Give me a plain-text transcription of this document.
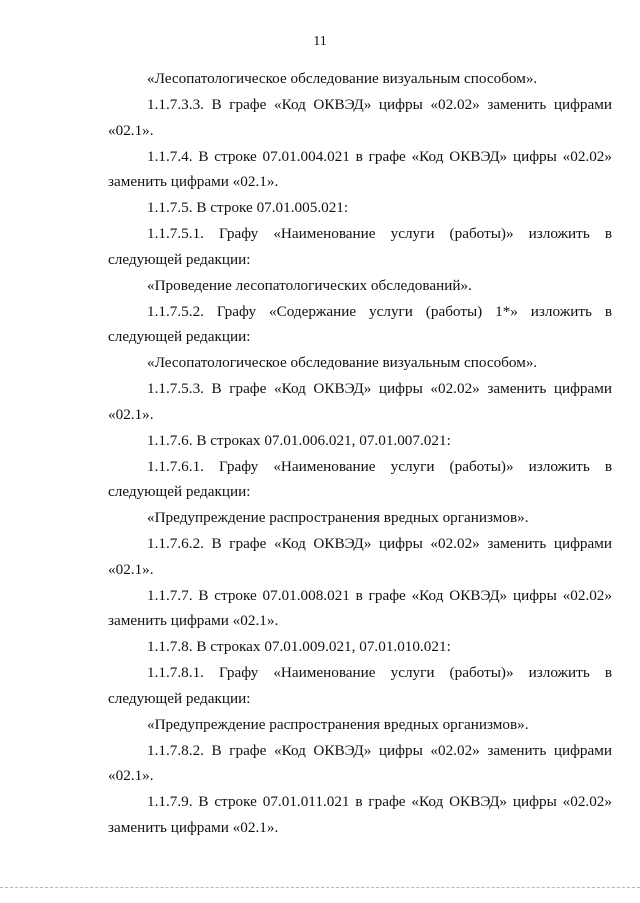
11

«Лесопатологическое обследование визуальным способом».

1.1.7.3.3. В графе «Код ОКВЭД» цифры «02.02» заменить цифрами «02.1».

1.1.7.4. В строке 07.01.004.021 в графе «Код ОКВЭД» цифры «02.02» заменить цифрами «02.1».

1.1.7.5. В строке 07.01.005.021:

1.1.7.5.1. Графу «Наименование услуги (работы)» изложить в следующей редакции:

«Проведение лесопатологических обследований».

1.1.7.5.2. Графу «Содержание услуги (работы) 1*» изложить в следующей редакции:

«Лесопатологическое обследование визуальным способом».

1.1.7.5.3. В графе «Код ОКВЭД» цифры «02.02» заменить цифрами «02.1».

1.1.7.6. В строках 07.01.006.021, 07.01.007.021:

1.1.7.6.1. Графу «Наименование услуги (работы)» изложить в следующей редакции:

«Предупреждение распространения вредных организмов».

1.1.7.6.2. В графе «Код ОКВЭД» цифры «02.02» заменить цифрами «02.1».

1.1.7.7. В строке 07.01.008.021 в графе «Код ОКВЭД» цифры «02.02» заменить цифрами «02.1».

1.1.7.8. В строках 07.01.009.021, 07.01.010.021:

1.1.7.8.1. Графу «Наименование услуги (работы)» изложить в следующей редакции:

«Предупреждение распространения вредных организмов».

1.1.7.8.2. В графе «Код ОКВЭД» цифры «02.02» заменить цифрами «02.1».

1.1.7.9. В строке 07.01.011.021 в графе «Код ОКВЭД» цифры «02.02» заменить цифрами «02.1».
